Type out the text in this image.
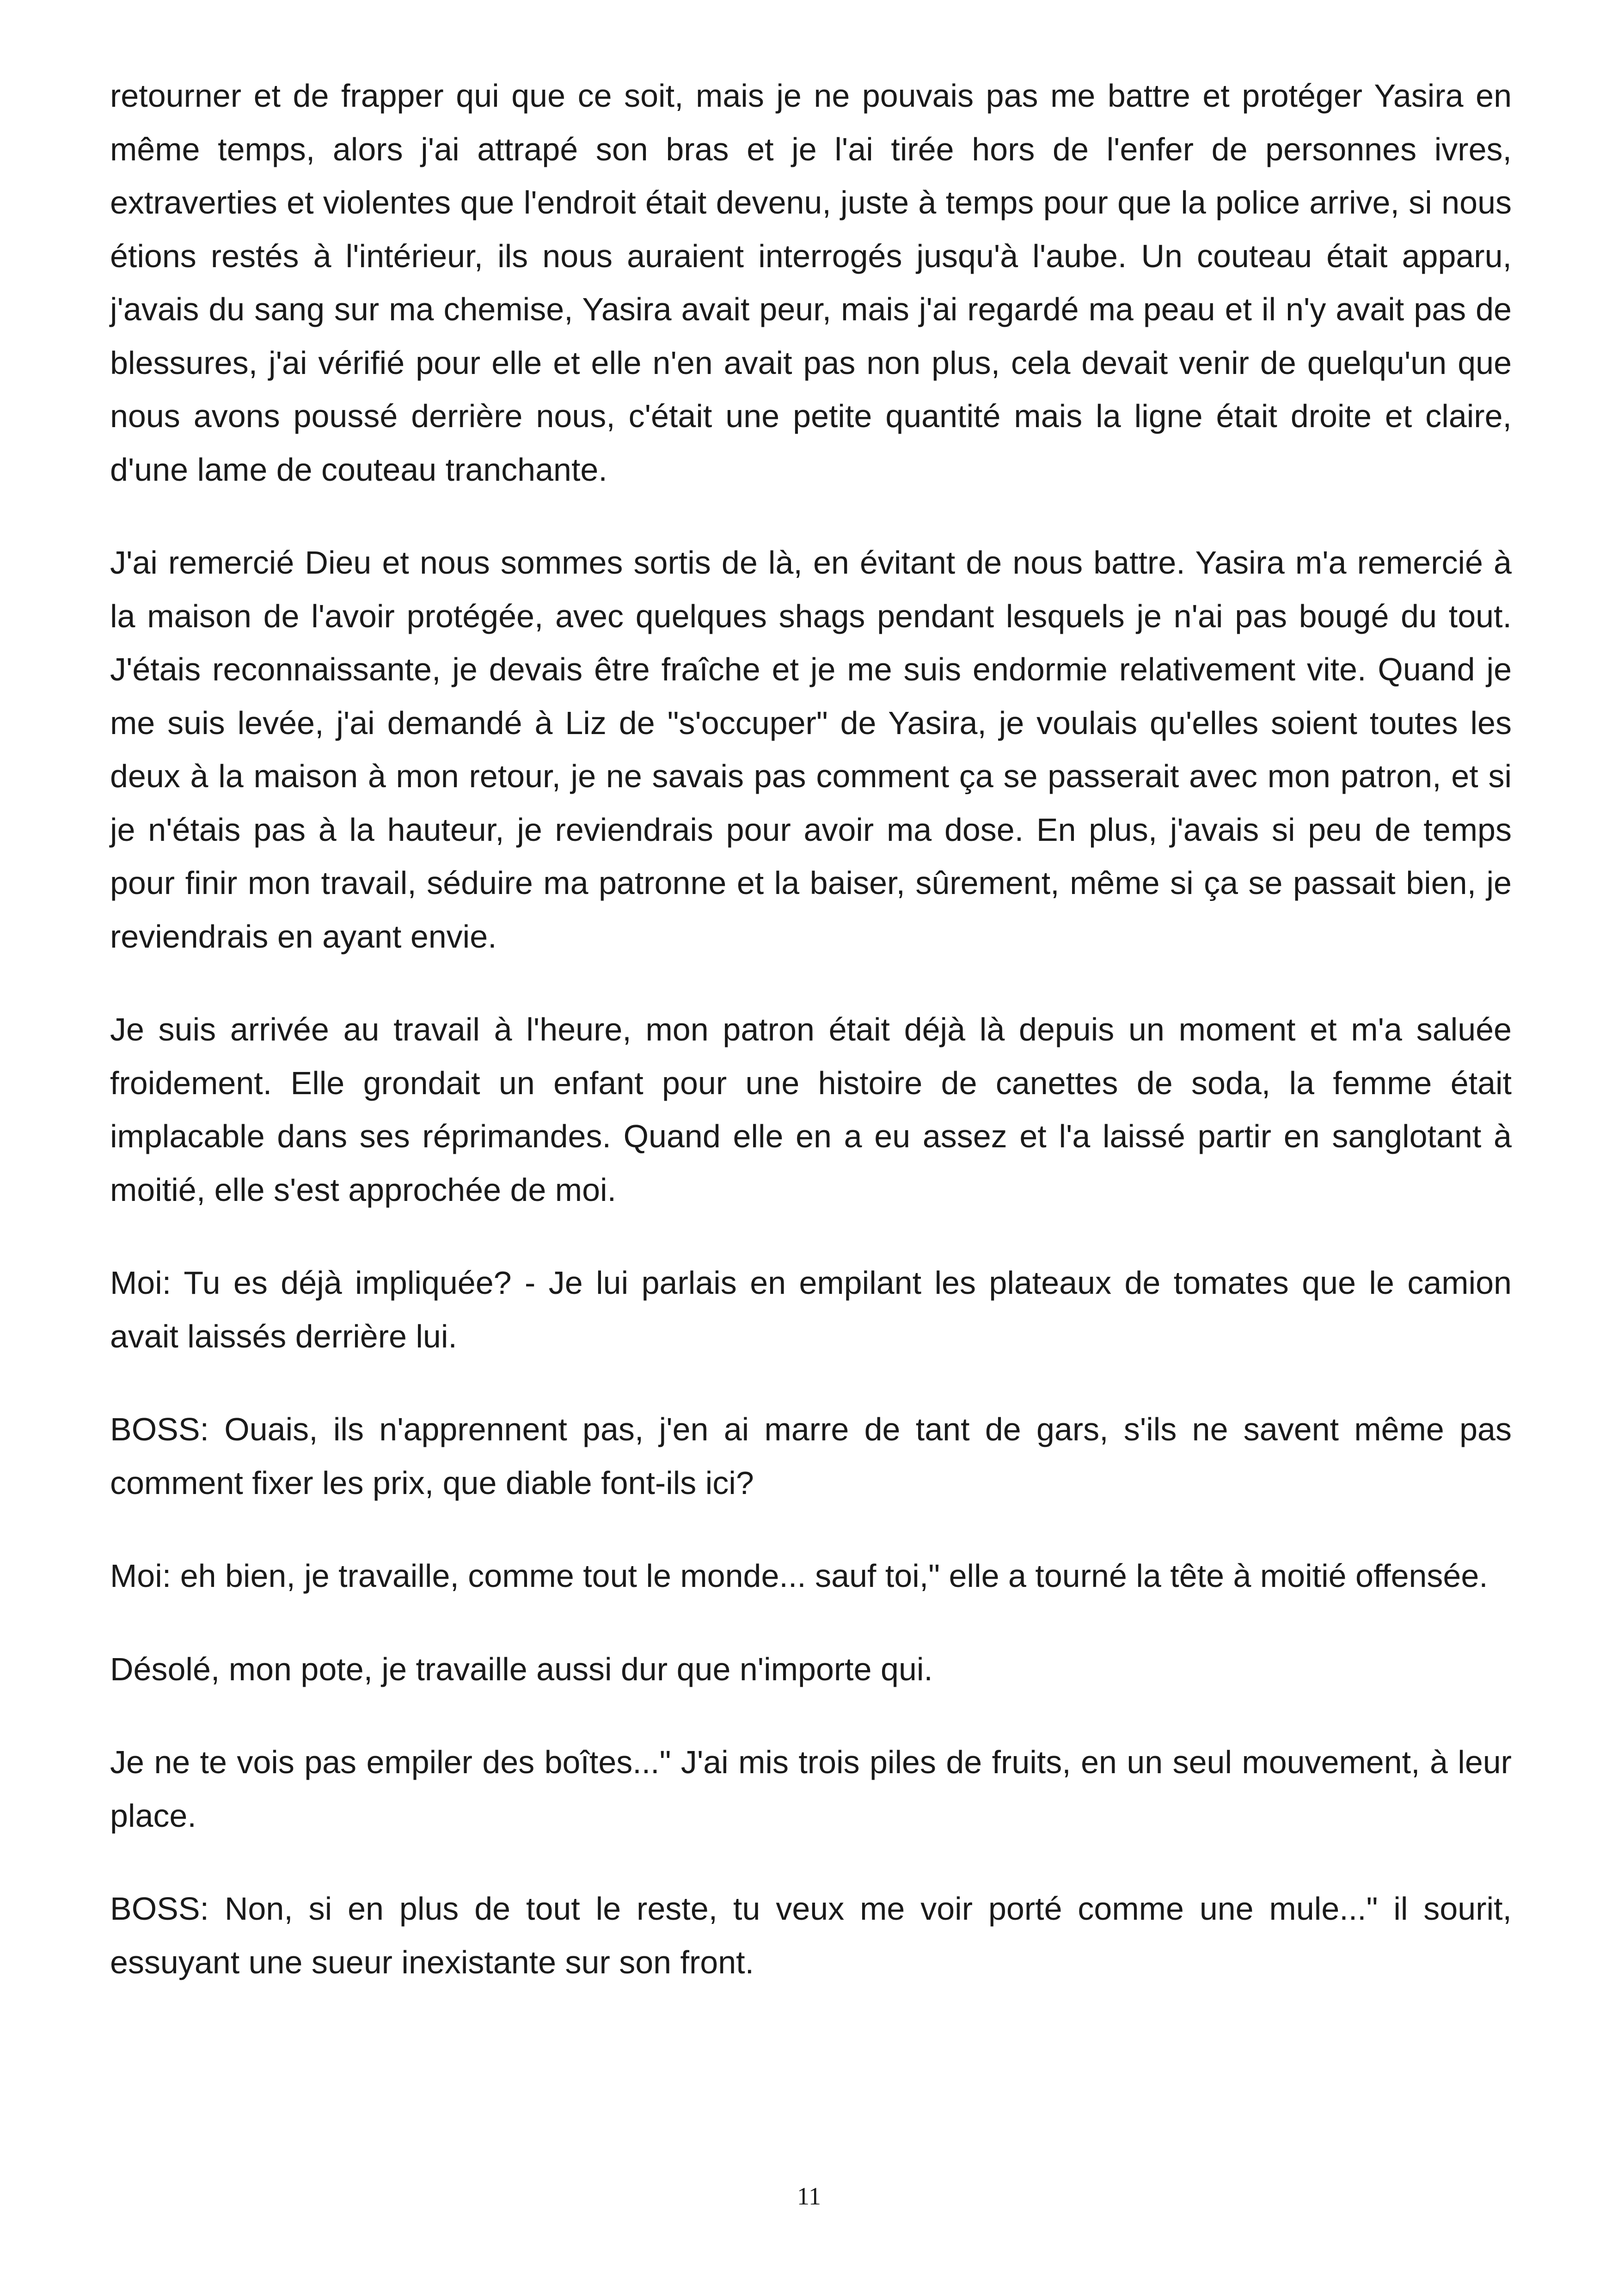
retourner et de frapper qui que ce soit, mais je ne pouvais pas me battre et protéger Yasira en même temps, alors j'ai attrapé son bras et je l'ai tirée hors de l'enfer de personnes ivres, extraverties et violentes que l'endroit était devenu, juste à temps pour que la police arrive, si nous étions restés à l'intérieur, ils nous auraient interrogés jusqu'à l'aube. Un couteau était apparu, j'avais du sang sur ma chemise, Yasira avait peur, mais j'ai regardé ma peau et il n'y avait pas de blessures, j'ai vérifié pour elle et elle n'en avait pas non plus, cela devait venir de quelqu'un que nous avons poussé derrière nous, c'était une petite quantité mais la ligne était droite et claire, d'une lame de couteau tranchante.

J'ai remercié Dieu et nous sommes sortis de là, en évitant de nous battre. Yasira m'a remercié à la maison de l'avoir protégée, avec quelques shags pendant lesquels je n'ai pas bougé du tout. J'étais reconnaissante, je devais être fraîche et je me suis endormie relativement vite. Quand je me suis levée, j'ai demandé à Liz de "s'occuper" de Yasira, je voulais qu'elles soient toutes les deux à la maison à mon retour, je ne savais pas comment ça se passerait avec mon patron, et si je n'étais pas à la hauteur, je reviendrais pour avoir ma dose. En plus, j'avais si peu de temps pour finir mon travail, séduire ma patronne et la baiser, sûrement, même si ça se passait bien, je reviendrais en ayant envie.

Je suis arrivée au travail à l'heure, mon patron était déjà là depuis un moment et m'a saluée froidement. Elle grondait un enfant pour une histoire de canettes de soda, la femme était implacable dans ses réprimandes. Quand elle en a eu assez et l'a laissé partir en sanglotant à moitié, elle s'est approchée de moi.

Moi: Tu es déjà impliquée? - Je lui parlais en empilant les plateaux de tomates que le camion avait laissés derrière lui.

BOSS: Ouais, ils n'apprennent pas, j'en ai marre de tant de gars, s'ils ne savent même pas comment fixer les prix, que diable font-ils ici?

Moi: eh bien, je travaille, comme tout le monde... sauf toi," elle a tourné la tête à moitié offensée.

Désolé, mon pote, je travaille aussi dur que n'importe qui.

Je ne te vois pas empiler des boîtes..." J'ai mis trois piles de fruits, en un seul mouvement, à leur place.

BOSS: Non, si en plus de tout le reste, tu veux me voir porté comme une mule..." il sourit, essuyant une sueur inexistante sur son front.

11
